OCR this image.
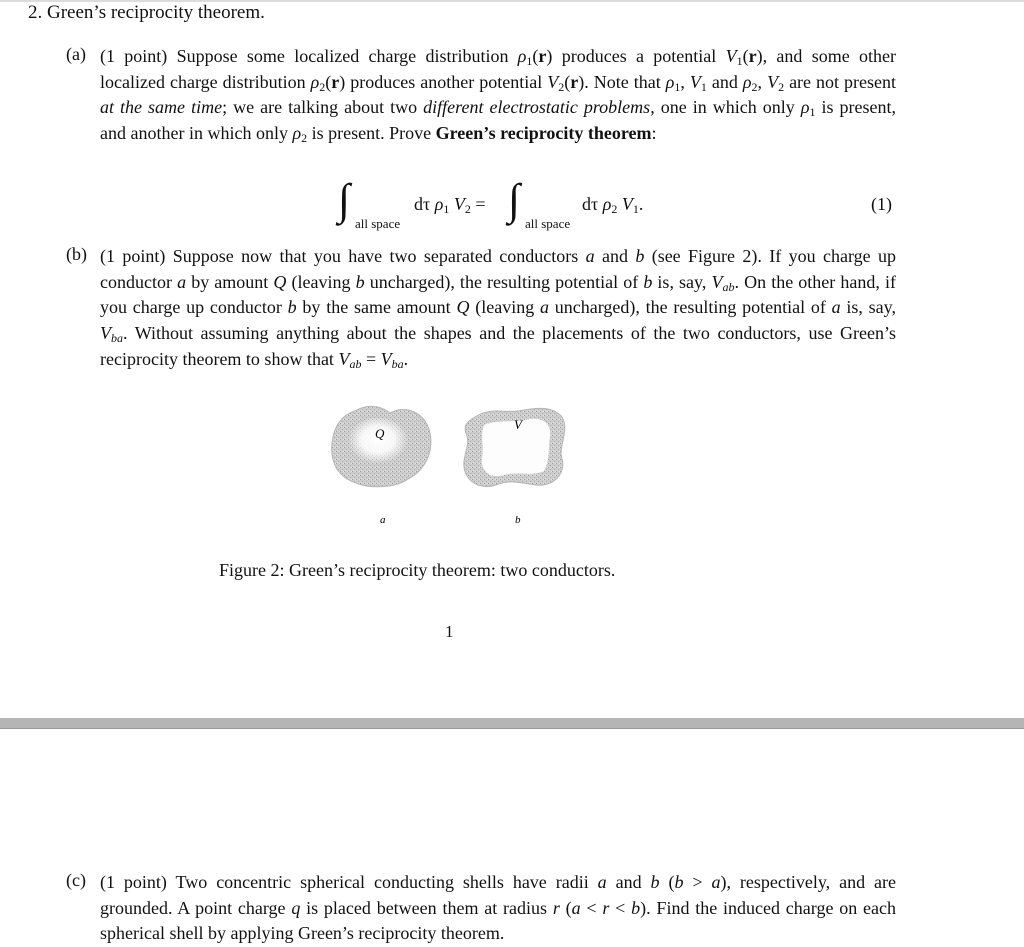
2. Green’s reciprocity theorem.
(a) (1 point) Suppose some localized charge distribution $\rho_1(r)$ produces a potential $V_1(r)$, and some other localized charge distribution $\rho_2(r)$ produces another potential $V_2(r)$. Note that $\rho_1$, $V_1$ and $\rho_2$, $V_2$ are not present at the same time; we are talking about two different electrostatic problems, one in which only $\rho_1$ is present, and another in which only $\rho_2$ is present. Prove Green’s reciprocity theorem:
∫ all space
dτ $\rho_1$ $V_2$ = ∫ all space
dτ $\rho_2$ $V_1$.	(1)
(b) (1 point) Suppose now that you have two separated conductors a and b (see Figure 2). If you charge up conductor a by amount Q (leaving b uncharged), the resulting potential of b is, say, $V_{ab}$. On the other hand, if you charge up conductor b by the same amount Q (leaving a uncharged), the resulting potential of a is, say, $V_{ba}$. Without assuming anything about the shapes and the placements of the two conductors, use Green’s reciprocity theorem to show that $V_{ab} = V_{ba}$.
Q
V
a	b
Figure 2: Green’s reciprocity theorem: two conductors.
1
(c) (1 point) Two concentric spherical conducting shells have radii a and b (b > a), respectively, and are grounded. A point charge q is placed between them at radius r (a < r < b). Find the induced charge on each spherical shell by applying Green’s reciprocity theorem.
